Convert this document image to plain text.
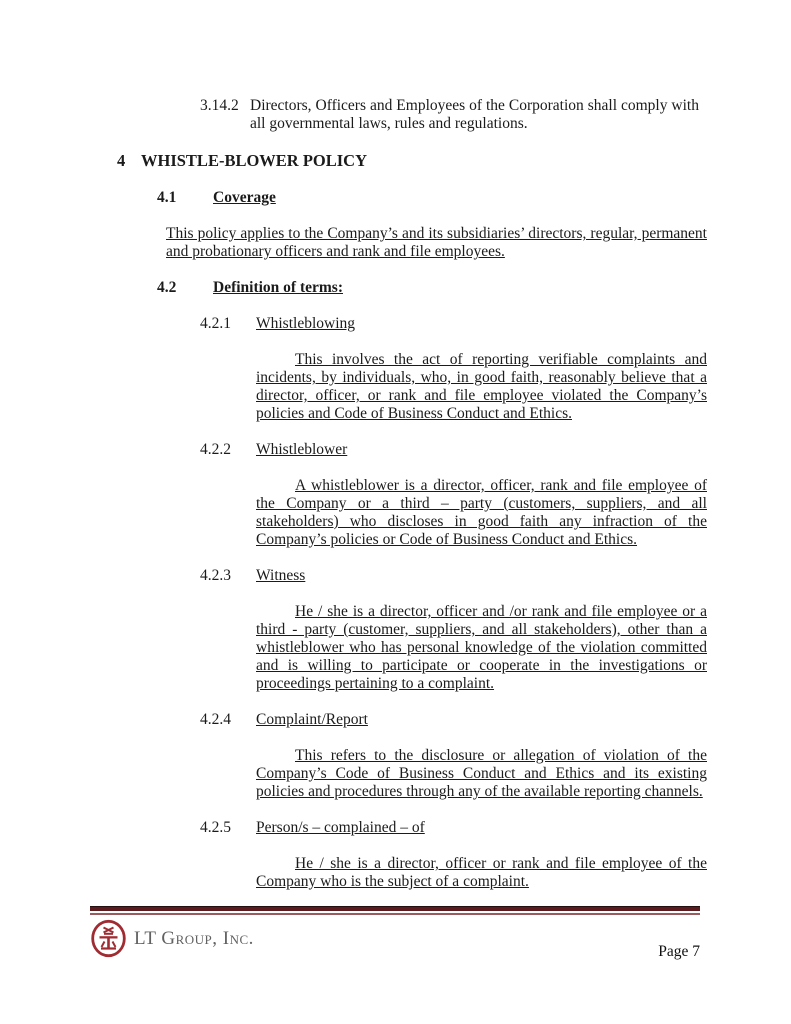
3.14.2 Directors, Officers and Employees of the Corporation shall comply with all governmental laws, rules and regulations.
4 WHISTLE-BLOWER POLICY
4.1	Coverage
This policy applies to the Company’s and its subsidiaries’ directors, regular, permanent and probationary officers and rank and file employees.
4.2	Definition of terms:
4.2.1	Whistleblowing
This involves the act of reporting verifiable complaints and incidents, by individuals, who, in good faith, reasonably believe that a director, officer, or rank and file employee violated the Company’s policies and Code of Business Conduct and Ethics.
4.2.2	Whistleblower
A whistleblower is a director, officer, rank and file employee of the Company or a third – party (customers, suppliers, and all stakeholders) who discloses in good faith any infraction of the Company’s policies or Code of Business Conduct and Ethics.
4.2.3	Witness
He / she is a director, officer and /or rank and file employee or a third - party (customer, suppliers, and all stakeholders), other than a whistleblower who has personal knowledge of the violation committed and is willing to participate or cooperate in the investigations or proceedings pertaining to a complaint.
4.2.4	Complaint/Report
This refers to the disclosure or allegation of violation of the Company’s Code of Business Conduct and Ethics and its existing policies and procedures through any of the available reporting channels.
4.2.5	Person/s – complained – of
He / she is a director, officer or rank and file employee of the Company who is the subject of a complaint.
LT Group, Inc.
Page 7
